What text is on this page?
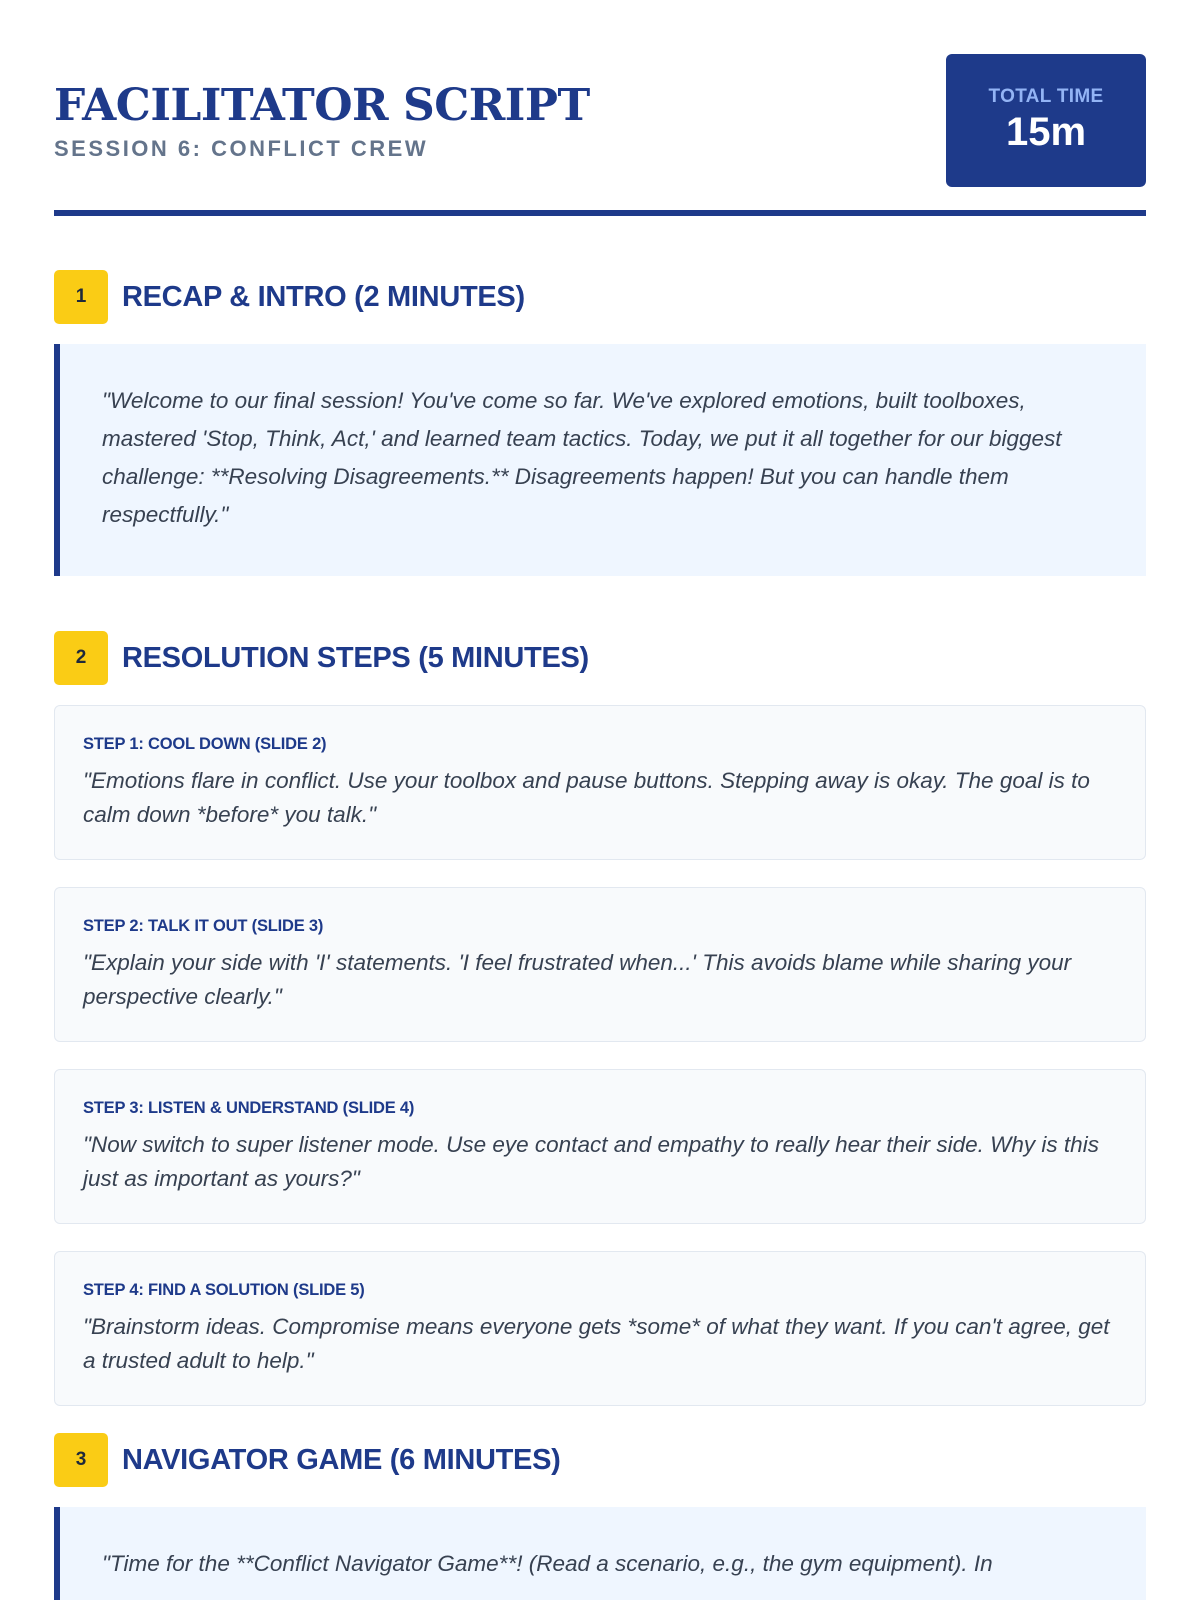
FACILITATOR SCRIPT
SESSION 6: CONFLICT CREW
TOTAL TIME
15m
1	RECAP & INTRO (2 MINUTES)
"Welcome to our final session! You've come so far. We've explored emotions, built toolboxes, mastered 'Stop, Think, Act,' and learned team tactics. Today, we put it all together for our biggest challenge: **Resolving Disagreements.** Disagreements happen! But you can handle them respectfully."
2	RESOLUTION STEPS (5 MINUTES)
STEP 1: COOL DOWN (SLIDE 2)
"Emotions flare in conflict. Use your toolbox and pause buttons. Stepping away is okay. The goal is to calm down *before* you talk."
STEP 2: TALK IT OUT (SLIDE 3)
"Explain your side with 'I' statements. 'I feel frustrated when...' This avoids blame while sharing your perspective clearly."
STEP 3: LISTEN & UNDERSTAND (SLIDE 4)
"Now switch to super listener mode. Use eye contact and empathy to really hear their side. Why is this just as important as yours?"
STEP 4: FIND A SOLUTION (SLIDE 5)
"Brainstorm ideas. Compromise means everyone gets *some* of what they want. If you can't agree, get a trusted adult to help."
3	NAVIGATOR GAME (6 MINUTES)
"Time for the **Conflict Navigator Game**! (Read a scenario, e.g., the gym equipment). In
